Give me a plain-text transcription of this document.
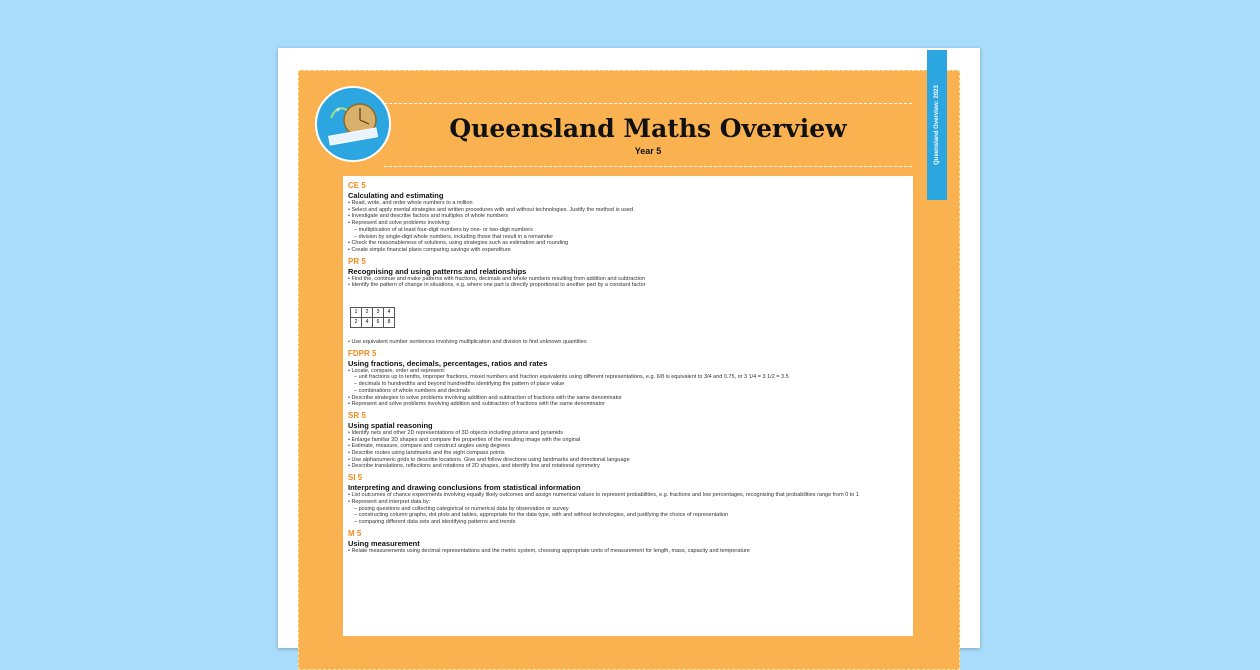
Queensland Overview: 2023
+
Queensland Maths Overview
Year 5
CE 5
Calculating and estimating
• Read, write, and order whole numbers to a million
• Select and apply mental strategies and written procedures with and without technologies. Justify the method is used
• Investigate and describe factors and multiples of whole numbers
• Represent and solve problems involving:
– multiplication of at least four-digit numbers by one- or two-digit numbers
– division by single-digit whole numbers, including those that result in a remainder
• Check the reasonableness of solutions, using strategies such as estimation and rounding
• Create simple financial plans comparing savings with expenditure
PR 5
Recognising and using patterns and relationships
• Find the, continue and make patterns with fractions, decimals and whole numbers resulting from addition and subtraction
• Identify the pattern of change in situations, e.g. where one part is directly proportional to another part by a constant factor
1	2	3	4
2	4	6	8
• Use equivalent number sentences involving multiplication and division to find unknown quantities
FDPR 5
Using fractions, decimals, percentages, ratios and rates
• Locate, compare, order and represent:
– unit fractions up to tenths, improper fractions, mixed numbers and fraction equivalents using different representations, e.g. 6/8 is equivalent to 3/4 and 0.75, or 3 1/4 = 3 1/2 = 3.5
– decimals to hundredths and beyond hundredths identifying the pattern of place value
– combinations of whole numbers and decimals
• Describe strategies to solve problems involving addition and subtraction of fractions with the same denominator
• Represent and solve problems involving addition and subtraction of fractions with the same denominator
SR 5
Using spatial reasoning
• Identify nets and other 2D representations of 3D objects including prisms and pyramids
• Enlarge familiar 2D shapes and compare the properties of the resulting image with the original
• Estimate, measure, compare and construct angles using degrees
• Describe routes using landmarks and the eight compass points
• Use alphanumeric grids to describe locations. Give and follow directions using landmarks and directional language
• Describe translations, reflections and rotations of 2D shapes, and identify line and rotational symmetry
SI 5
Interpreting and drawing conclusions from statistical information
• List outcomes of chance experiments involving equally likely outcomes and assign numerical values to represent probabilities, e.g. fractions and low percentages, recognising that probabilities range from 0 to 1
• Represent and interpret data by:
– posing questions and collecting categorical or numerical data by observation or survey
– constructing column graphs, dot plots and tables, appropriate for the data type, with and without technologies, and justifying the choice of representation
– comparing different data sets and identifying patterns and trends
M 5
Using measurement
• Relate measurements using decimal representations and the metric system, choosing appropriate units of measurement for length, mass, capacity and temperature
